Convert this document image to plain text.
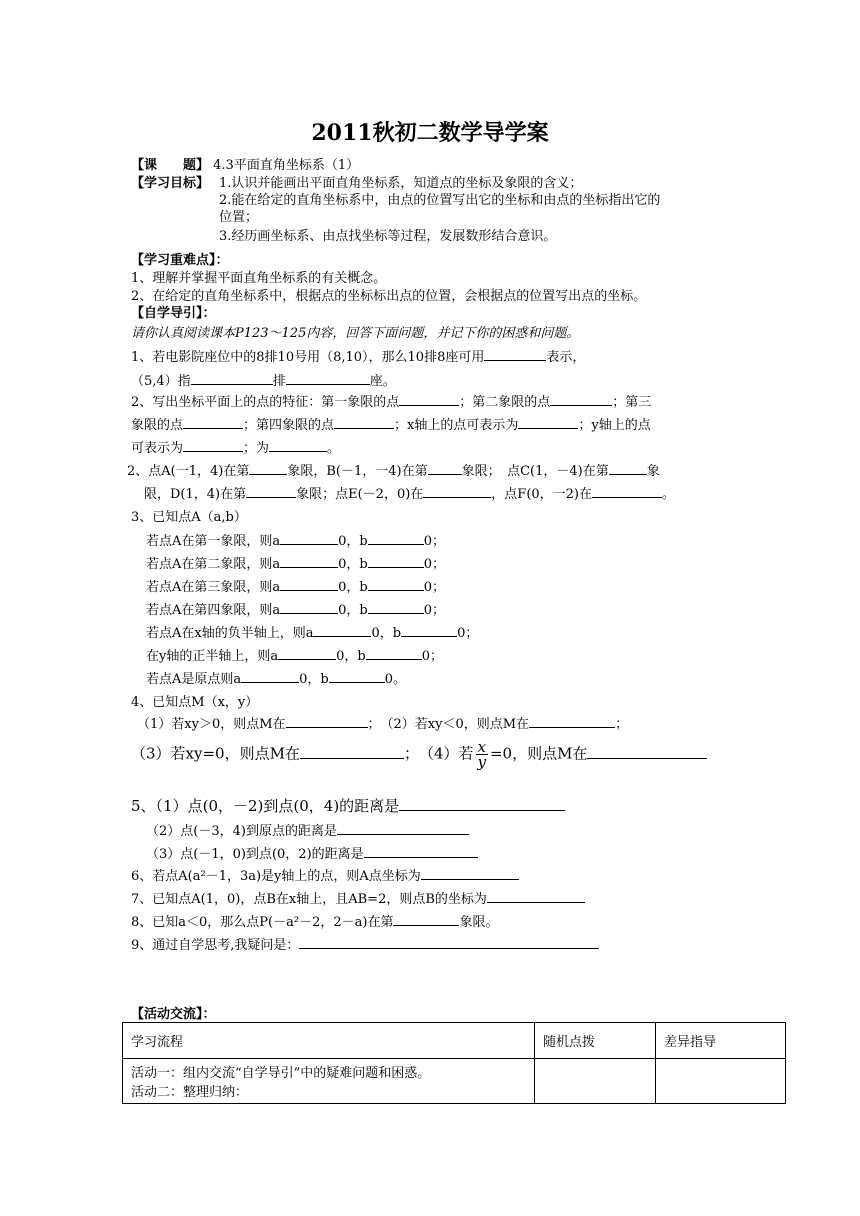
2011秋初二数学导学案
【课　　题】 4.3平面直角坐标系（1）
【学习目标】 1.认识并能画出平面直角坐标系，知道点的坐标及象限的含义；
2.能在给定的直角坐标系中，由点的位置写出它的坐标和由点的坐标指出它的
位置；
3.经历画坐标系、由点找坐标等过程，发展数形结合意识。
【学习重难点】：
1、理解并掌握平面直角坐标系的有关概念。
2、在给定的直角坐标系中，根据点的坐标标出点的位置，会根据点的位置写出点的坐标。
【自学导引】：
请你认真阅读课本P123～125内容，回答下面问题，并记下你的困惑和问题。
1、若电影院座位中的8排10号用（8,10），那么10排8座可用	表示，
（5,4）指	排	座。
2、写出坐标平面上的点的特征：第一象限的点	；第二象限的点	；第三
象限的点	；第四象限的点	；x轴上的点可表示为	；y轴上的点
可表示为	；为	。
2、点A(一1，4)在第	象限，B(－1，一4)在第	象限；　点C(1，－4)在第	象
限，D(1，4)在第	象限；点E(－2，0)在	，点F(0，一2)在	。
3、已知点A（a,b）
若点A在第一象限，则a	0，b	0；
若点A在第二象限，则a	0，b	0；
若点A在第三象限，则a	0，b	0；
若点A在第四象限，则a	0，b	0；
若点A在x轴的负半轴上，则a	0，b	0；
在y轴的正半轴上，则a	0，b	0；
若点A是原点则a	0，b	0。
4、已知点M（x，y）
（1）若xy＞0，则点M在	；　（2）若xy＜0，则点M在	；
（3）若xy=0，则点M在	；　（4）若 $\frac{x}{y} =0$，则点M在
5、（1）点(0，－2)到点(0，4)的距离是
（2）点(－3，4)到原点的距离是
（3）点(－1，0)到点(0，2)的距离是
6、若点A(a²－1，3a)是y轴上的点，则A点坐标为
7、已知点A(1，0)，点B在x轴上，且AB=2，则点B的坐标为
8、已知a＜0，那么点P(－a²－2，2－a)在第	象限。
9、通过自学思考,我疑问是：
【活动交流】：
学习流程	随机点拨	差异指导

活动一：组内交流“自学导引”中的疑难问题和困惑。
活动二：整理归纳：		
